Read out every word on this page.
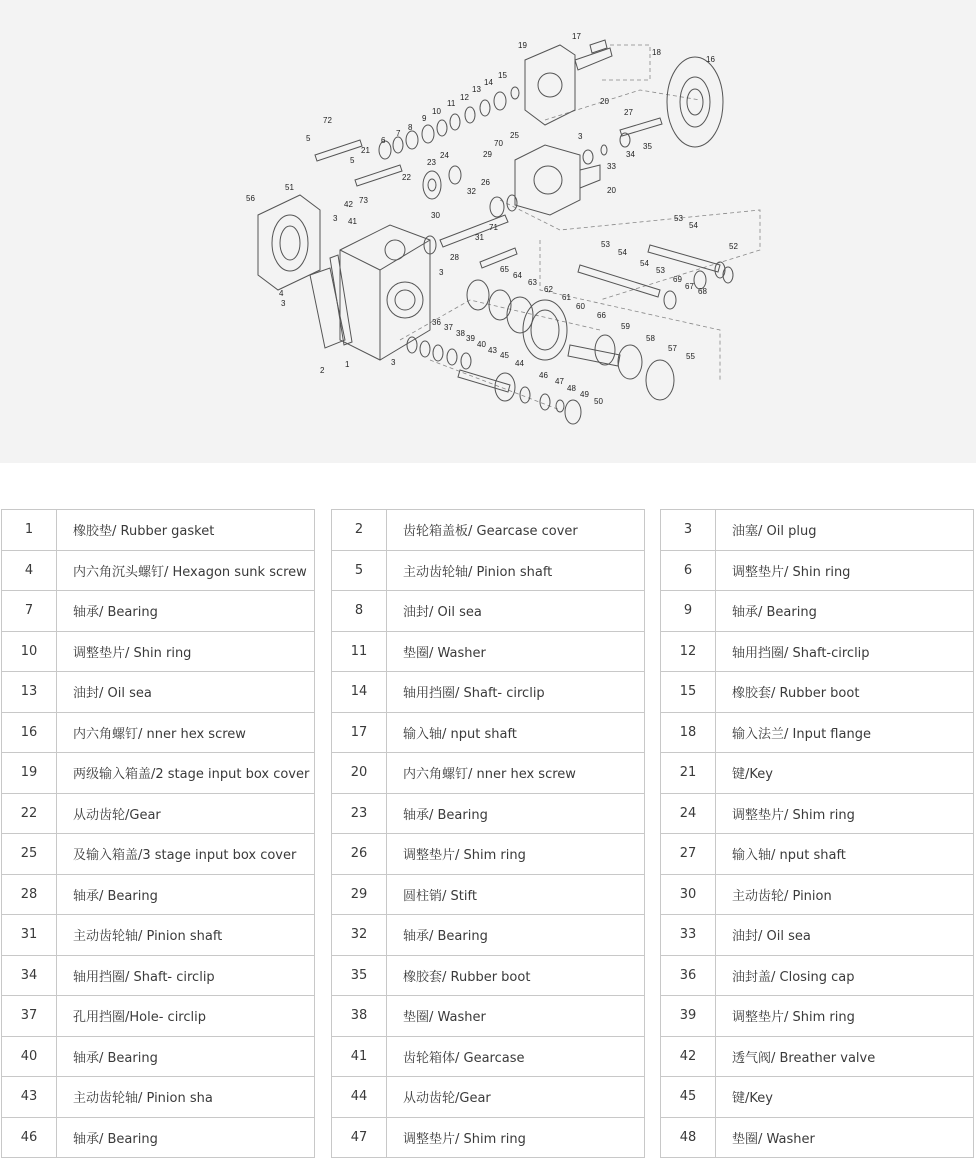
1
2
3
3
3
3
3
4
5
5
6
7
8
9
10
11
12
13
14
15
16
17
18
19
20
20
21
22
23
24
25
26
27
28
29
30
31
32
33
34
35
36
37
38
39
40
41
42
43
44
45
46
47
48
49
50
51
52
53
53
53
54
54
54
55
56
57
58
59
60
61
62
63
64
65
66
67
68
69
70
71
72
73
1	橡胶垫/ Rubber gasket
4	内六角沉头螺钉/ Hexagon sunk screw
7	轴承/ Bearing
10	调整垫片/ Shin ring
13	油封/ Oil sea
16	内六角螺钉/ nner hex screw
19	两级输入箱盖/2 stage input box cover
22	从动齿轮/Gear
25	及输入箱盖/3 stage input box cover
28	轴承/ Bearing
31	主动齿轮轴/ Pinion shaft
34	轴用挡圈/ Shaft- circlip
37	孔用挡圈/Hole- circlip
40	轴承/ Bearing
43	主动齿轮轴/ Pinion sha
46	轴承/ Bearing
2	齿轮箱盖板/ Gearcase cover
5	主动齿轮轴/ Pinion shaft
8	油封/ Oil sea
11	垫圈/ Washer
14	轴用挡圈/ Shaft- circlip
17	输入轴/ nput shaft
20	内六角螺钉/ nner hex screw
23	轴承/ Bearing
26	调整垫片/ Shim ring
29	圆柱销/ Stift
32	轴承/ Bearing
35	橡胶套/ Rubber boot
38	垫圈/ Washer
41	齿轮箱体/ Gearcase
44	从动齿轮/Gear
47	调整垫片/ Shim ring
3	油塞/ Oil plug
6	调整垫片/ Shin ring
9	轴承/ Bearing
12	轴用挡圈/ Shaft-circlip
15	橡胶套/ Rubber boot
18	输入法兰/ Input flange
21	键/Key
24	调整垫片/ Shim ring
27	输入轴/ nput shaft
30	主动齿轮/ Pinion
33	油封/ Oil sea
36	油封盖/ Closing cap
39	调整垫片/ Shim ring
42	透气阀/ Breather valve
45	键/Key
48	垫圈/ Washer
